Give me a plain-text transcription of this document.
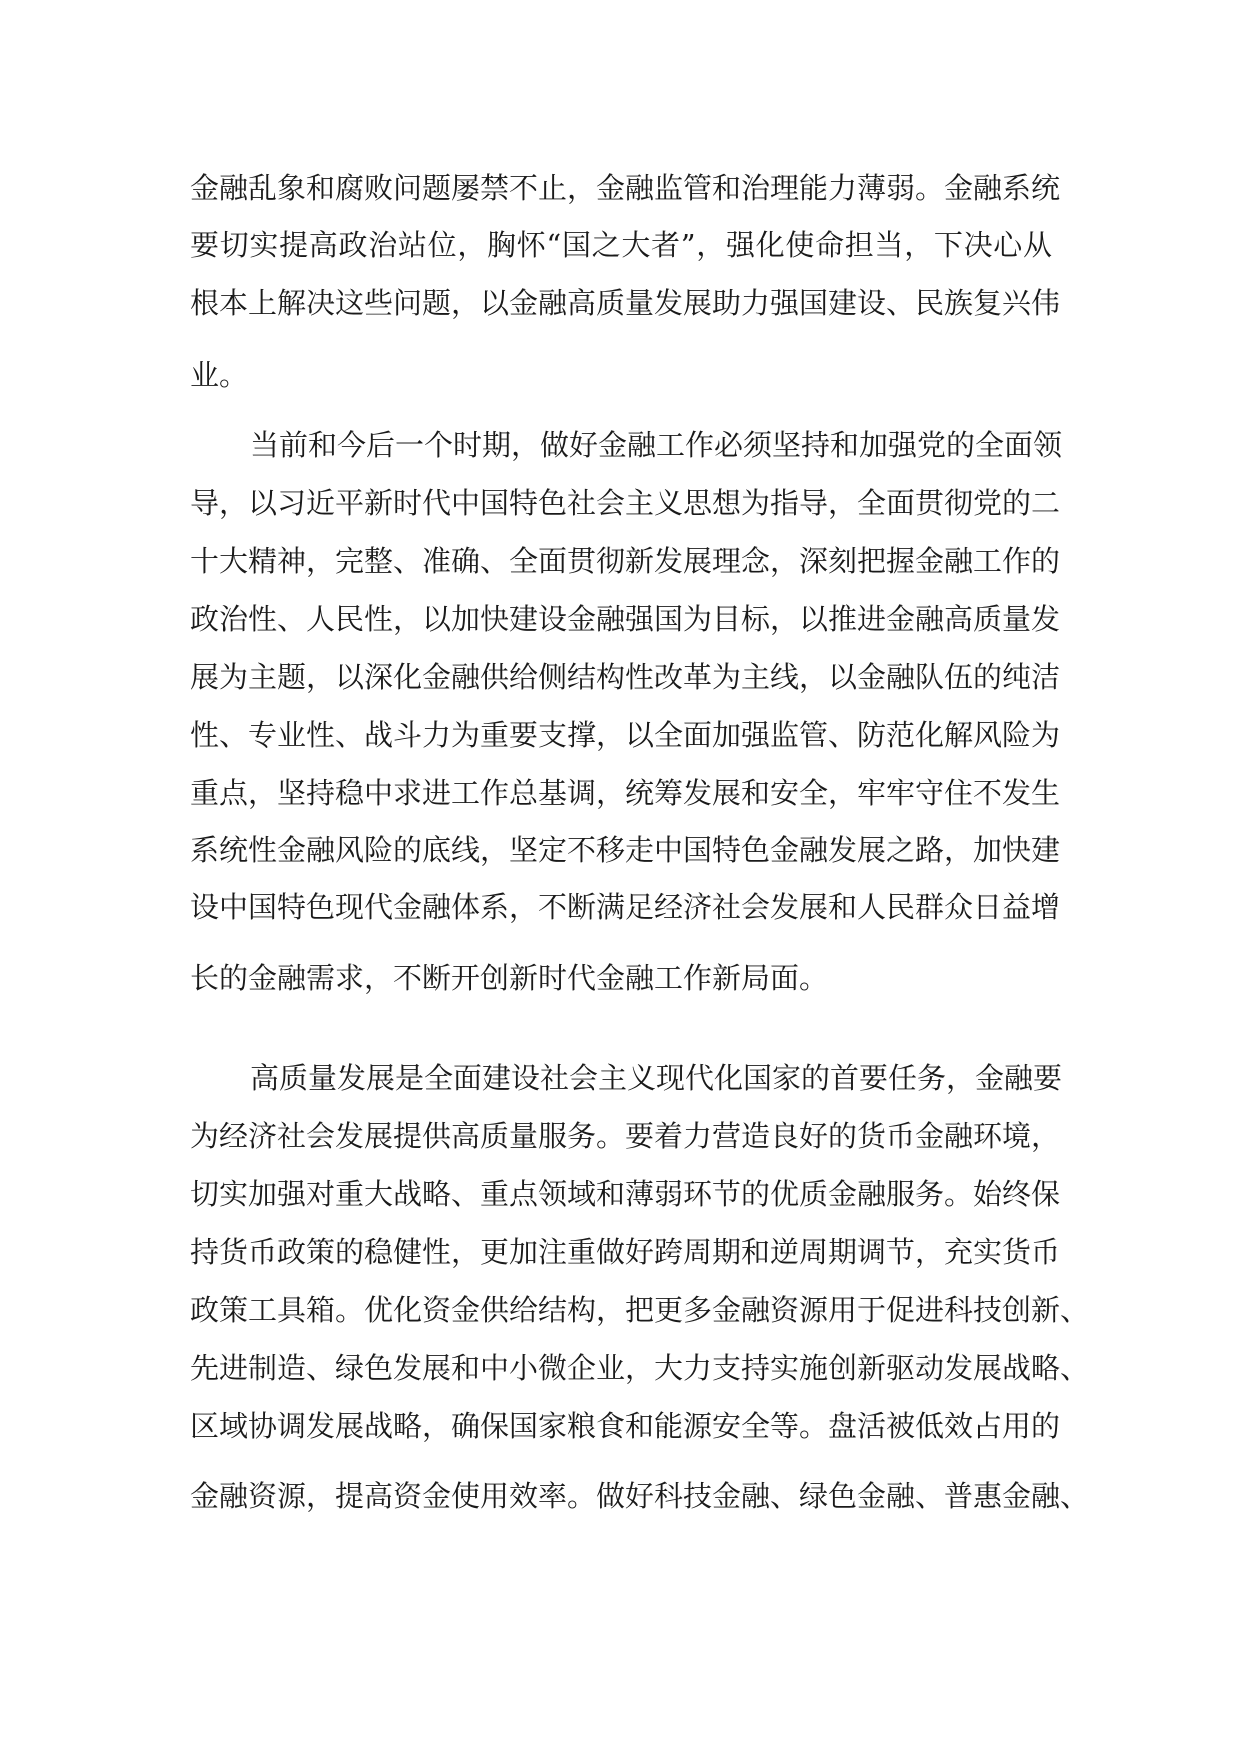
金融乱象和腐败问题屡禁不止，金融监管和治理能力薄弱。金融系统
要切实提高政治站位，胸怀“国之大者”，强化使命担当，下决心从
根本上解决这些问题，以金融高质量发展助力强国建设、民族复兴伟
业。
当前和今后一个时期，做好金融工作必须坚持和加强党的全面领
导，以习近平新时代中国特色社会主义思想为指导，全面贯彻党的二
十大精神，完整、准确、全面贯彻新发展理念，深刻把握金融工作的
政治性、人民性，以加快建设金融强国为目标，以推进金融高质量发
展为主题，以深化金融供给侧结构性改革为主线，以金融队伍的纯洁
性、专业性、战斗力为重要支撑，以全面加强监管、防范化解风险为
重点，坚持稳中求进工作总基调，统筹发展和安全，牢牢守住不发生
系统性金融风险的底线，坚定不移走中国特色金融发展之路，加快建
设中国特色现代金融体系，不断满足经济社会发展和人民群众日益增
长的金融需求，不断开创新时代金融工作新局面。
高质量发展是全面建设社会主义现代化国家的首要任务，金融要
为经济社会发展提供高质量服务。要着力营造良好的货币金融环境，
切实加强对重大战略、重点领域和薄弱环节的优质金融服务。始终保
持货币政策的稳健性，更加注重做好跨周期和逆周期调节，充实货币
政策工具箱。优化资金供给结构，把更多金融资源用于促进科技创新、
先进制造、绿色发展和中小微企业，大力支持实施创新驱动发展战略、
区域协调发展战略，确保国家粮食和能源安全等。盘活被低效占用的
金融资源，提高资金使用效率。做好科技金融、绿色金融、普惠金融、
